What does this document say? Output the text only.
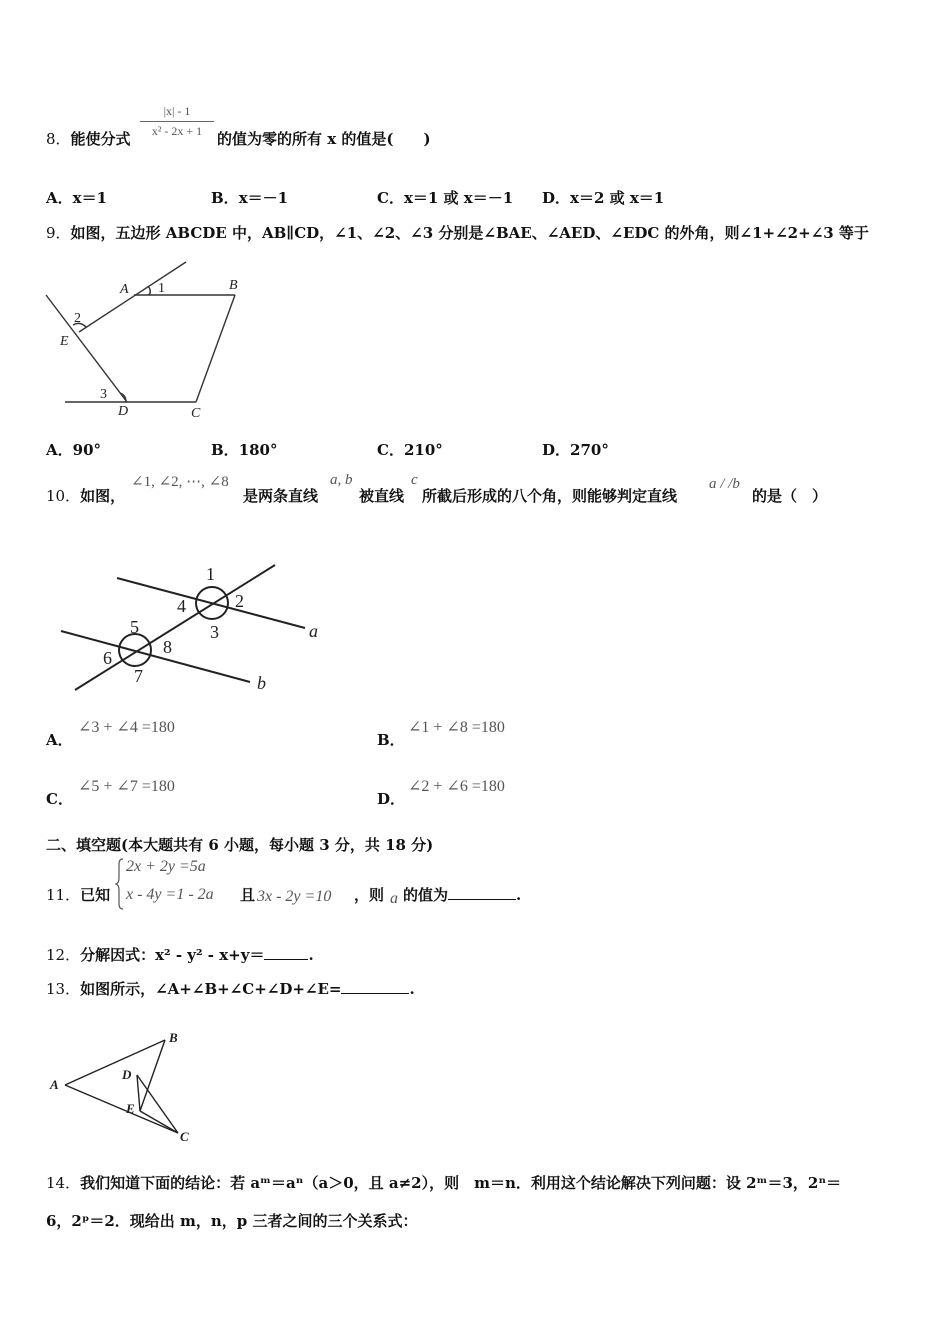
8．能使分式
|x| - 1
x² - 2x + 1 的值为零的所有 x 的值是(　　)
A．x＝1	B．x＝－1	C．x＝1 或 x＝－1 D．x＝2 或 x＝1
9．如图，五边形 ABCDE 中，AB∥CD，∠1、∠2、∠3 分别是∠BAE、∠AED、∠EDC 的外角，则∠1+∠2+∠3 等于
A	B
C
D
E
1
2
3
A．90°	B．180°	C．210°	D．270°
10．如图，
∠1, ∠2, ⋯, ∠8
是两条直线
a, b
被直线
c
所截后形成的八个角，则能够判定直线
a / /b
的是（　）
1
2
3
4
5
6
7
8
a
b
A．
∠3 + ∠4 =180
B．
∠1 + ∠8 =180
C．
∠5 + ∠7 =180
D．
∠2 + ∠6 =180
二、填空题(本大题共有 6 小题，每小题 3 分，共 18 分)
11．已知
2x + 2y =5a
x - 4y =1 - 2a 且 3x - 2y =10 ，则 a 的值为	.
12．分解因式：x² - y² - x+y＝	.
13．如图所示，∠A+∠B+∠C+∠D+∠E=	.
A
B
C
D
E
14．我们知道下面的结论：若 aᵐ＝aⁿ（a＞0，且 a≠2），则　m＝n．利用这个结论解决下列问题：设 2ᵐ＝3，2ⁿ＝
6，2ᵖ＝2．现给出 m，n，p 三者之间的三个关系式：
